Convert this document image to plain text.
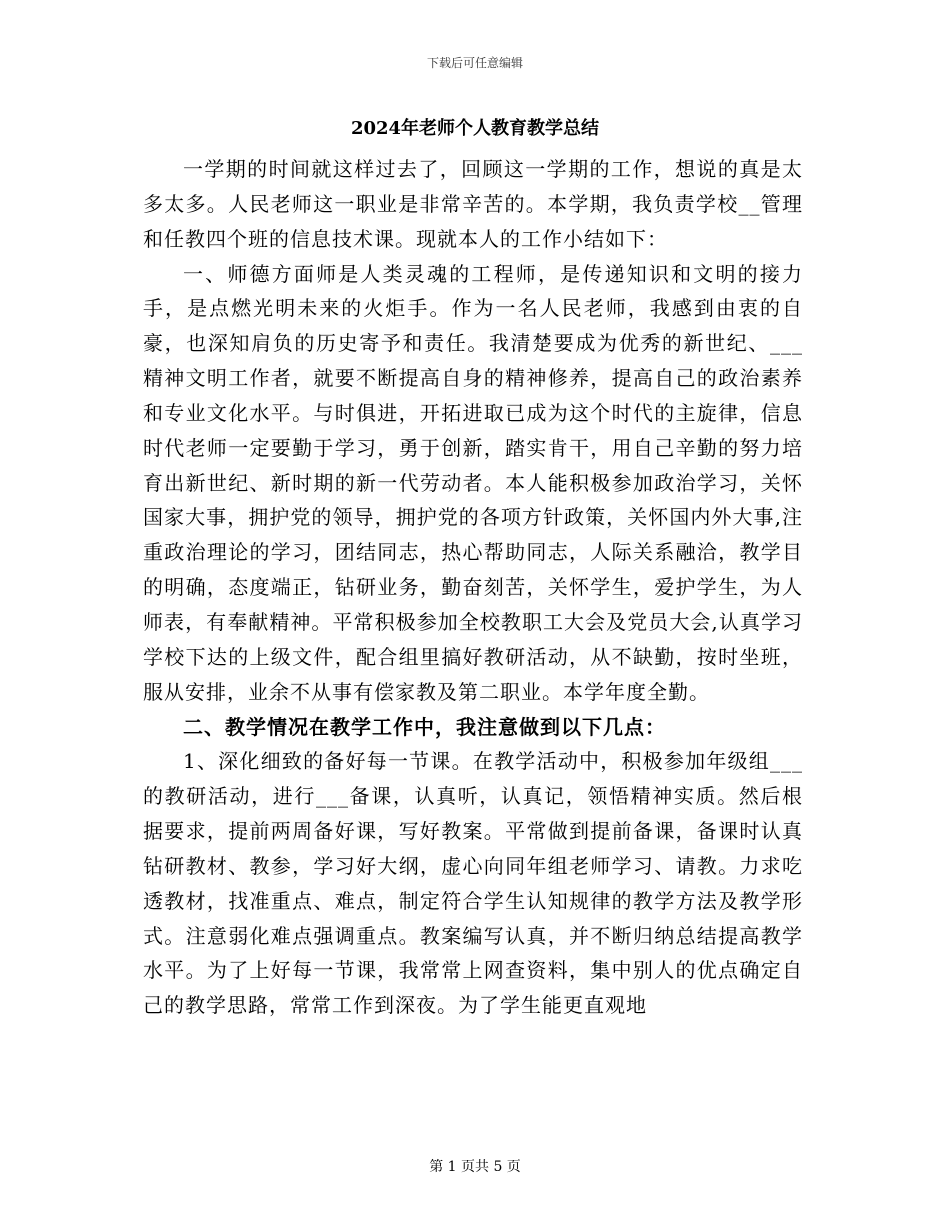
下载后可任意编辑
2024年老师个人教育教学总结

一学期的时间就这样过去了，回顾这一学期的工作，想说的真是太多太多。人民老师这一职业是非常辛苦的。本学期，我负责学校__管理和任教四个班的信息技术课。现就本人的工作小结如下：

一、师德方面师是人类灵魂的工程师，是传递知识和文明的接力手，是点燃光明未来的火炬手。作为一名人民老师，我感到由衷的自豪，也深知肩负的历史寄予和责任。我清楚要成为优秀的新世纪、___精神文明工作者，就要不断提高自身的精神修养，提高自己的政治素养和专业文化水平。与时俱进，开拓进取已成为这个时代的主旋律，信息时代老师一定要勤于学习，勇于创新，踏实肯干，用自己辛勤的努力培育出新世纪、新时期的新一代劳动者。本人能积极参加政治学习，关怀国家大事，拥护党的领导，拥护党的各项方针政策，关怀国内外大事,注重政治理论的学习，团结同志，热心帮助同志，人际关系融洽，教学目的明确，态度端正，钻研业务，勤奋刻苦，关怀学生，爱护学生，为人师表，有奉献精神。平常积极参加全校教职工大会及党员大会,认真学习学校下达的上级文件，配合组里搞好教研活动，从不缺勤，按时坐班，服从安排，业余不从事有偿家教及第二职业。本学年度全勤。

二、教学情况在教学工作中，我注意做到以下几点：

1、深化细致的备好每一节课。在教学活动中，积极参加年级组___的教研活动，进行___备课，认真听，认真记，领悟精神实质。然后根据要求，提前两周备好课，写好教案。平常做到提前备课，备课时认真钻研教材、教参，学习好大纲，虚心向同年组老师学习、请教。力求吃透教材，找准重点、难点，制定符合学生认知规律的教学方法及教学形式。注意弱化难点强调重点。教案编写认真，并不断归纳总结提高教学水平。为了上好每一节课，我常常上网查资料，集中别人的优点确定自己的教学思路，常常工作到深夜。为了学生能更直观地

第 1 页共 5 页
